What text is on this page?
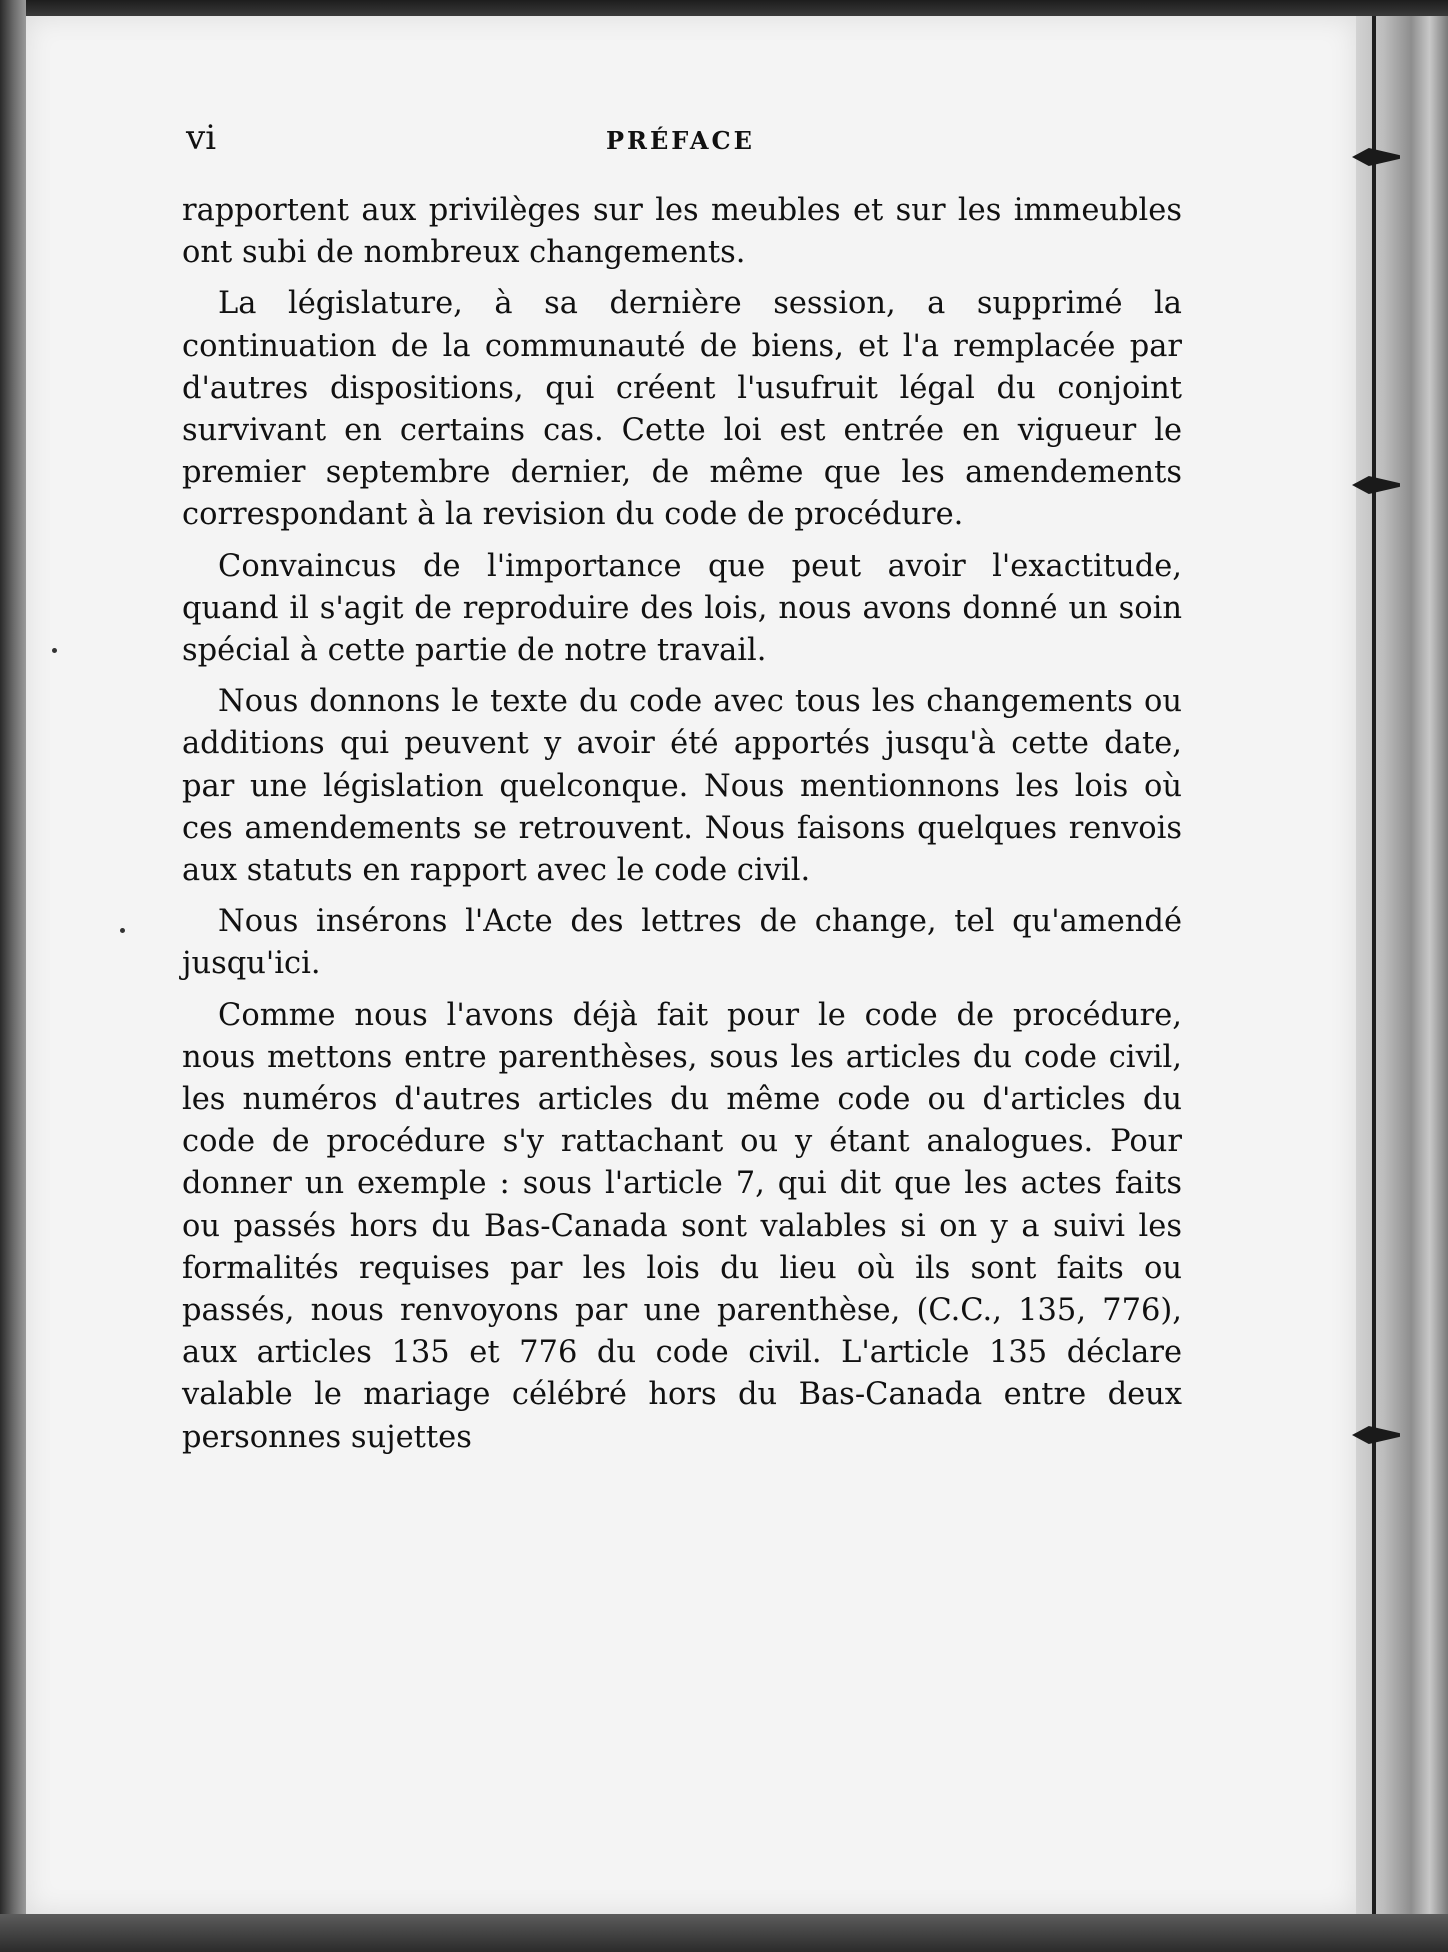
vi	PRÉFACE

rapportent aux privilèges sur les meubles et sur les immeubles ont subi de nombreux changements.

La législature, à sa dernière session, a supprimé la continuation de la communauté de biens, et l'a remplacée par d'autres dispositions, qui créent l'usufruit légal du conjoint survivant en certains cas. Cette loi est entrée en vigueur le premier septembre dernier, de même que les amendements correspondant à la revision du code de procédure.

Convaincus de l'importance que peut avoir l'exactitude, quand il s'agit de reproduire des lois, nous avons donné un soin spécial à cette partie de notre travail.

Nous donnons le texte du code avec tous les changements ou additions qui peuvent y avoir été apportés jusqu'à cette date, par une législation quelconque. Nous mentionnons les lois où ces amendements se retrouvent. Nous faisons quelques renvois aux statuts en rapport avec le code civil.

Nous insérons l'Acte des lettres de change, tel qu'amendé jusqu'ici.

Comme nous l'avons déjà fait pour le code de procédure, nous mettons entre parenthèses, sous les articles du code civil, les numéros d'autres articles du même code ou d'articles du code de procédure s'y rattachant ou y étant analogues. Pour donner un exemple : sous l'article 7, qui dit que les actes faits ou passés hors du Bas-Canada sont valables si on y a suivi les formalités requises par les lois du lieu où ils sont faits ou passés, nous renvoyons par une parenthèse, (C.C., 135, 776), aux articles 135 et 776 du code civil. L'article 135 déclare valable le mariage célébré hors du Bas-Canada entre deux personnes sujettes
